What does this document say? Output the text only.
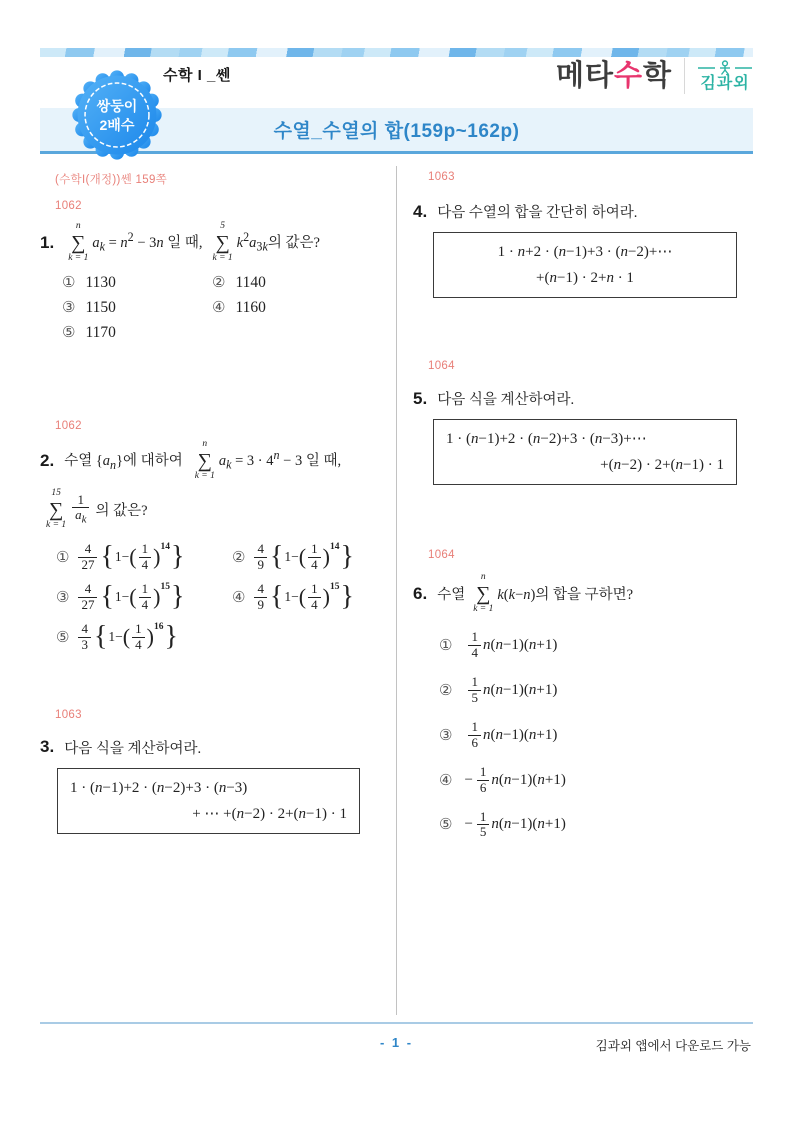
쌍둥이
2배수
수학 I _쎈	메타수학 김과외
수열_수열의 합(159p~162p)
(수학I(개정))쎈 159쪽
1062
1.
n
∑
k = 1
$a_k = n^2 - 3n$ 일 때,
5
∑
k = 1
$k^2a_{3k}$의 값은?
① 1130	② 1140
③ 1150	④ 1160
⑤ 1170
1062
2. 수열 $\{a_n\}$에 대하여
n
∑
k = 1
$a_k = 3 \cdot 4^n - 3$ 일 때,
15
∑
$k = 1 \frac{1}{a_k}$ 의 값은?
① $\frac{4}{27}$ { 1− ( $\frac{1}{4}$ ) 14 }	② $\frac{4}{9}$ { 1− ( $\frac{1}{4}$ ) 14 }
③ $\frac{4}{27}$ { 1− ( $\frac{1}{4}$ ) 15 }	④ $\frac{4}{9}$ { 1− ( $\frac{1}{4}$ ) 15 }
⑤ $\frac{4}{3}$ { 1− ( $\frac{1}{4}$ ) 16 }
1063
3. 다음 식을 계산하여라.
1 · (n−1)+2 · (n−2)+3 · (n−3)
+ ⋯ +(n−2) · 2+(n−1) · 1
1063
4. 다음 수열의 합을 간단히 하여라.
1 · n+2 · (n−1)+3 · (n−2)+⋯
+(n−1) · 2+n · 1
1064
5. 다음 식을 계산하여라.
1 · (n−1)+2 · (n−2)+3 · (n−3)+⋯
+(n−2) · 2+(n−1) · 1
1064
6. 수열
n
∑
k = 1
k(k−n)의 합을 구하면?
① $\frac{1}{4} n(n-1)(n+1)$
② $\frac{1}{5} n(n-1)(n+1)$
③ $\frac{1}{6} n(n-1)(n+1)$
④ − $\frac{1}{6} n(n-1)(n+1)$
⑤ − $\frac{1}{5} n(n-1)(n+1)$
- 1 -	김과외 앱에서 다운로드 가능
